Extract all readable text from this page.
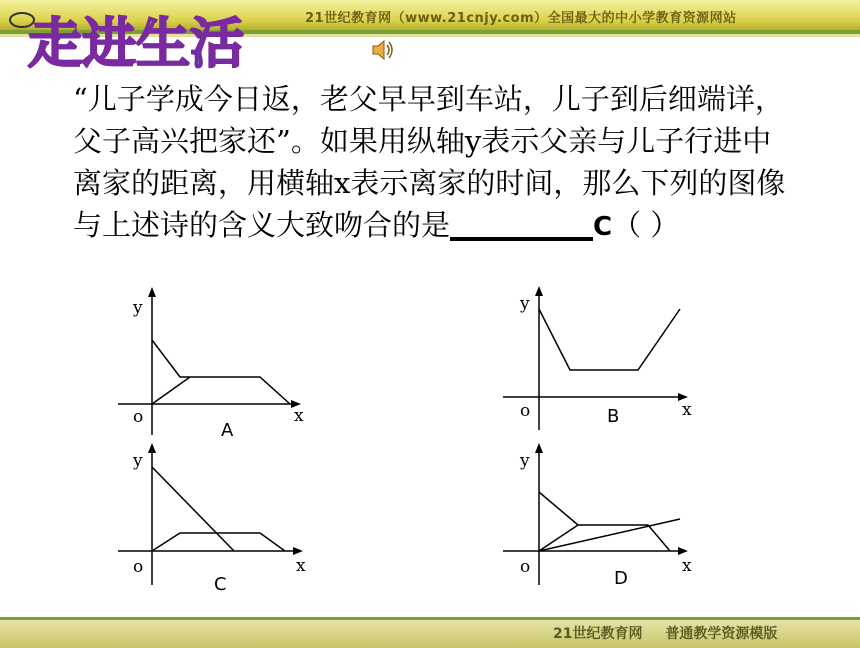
21世纪教育网（www.21cnjy.com）全国最大的中小学教育资源网站
走进生活
“儿子学成今日返，老父早早到车站，儿子到后细端详，父子高兴把家还”。如果用纵轴y表示父亲与儿子行进中离家的距离，用横轴x表示离家的时间，那么下列的图像与上述诗的含义大致吻合的是___________C（ ）
y
o	x
A
y
o	x
B
y
o	x
C
y
o	x
D
21世纪教育网 普通教学资源模版
